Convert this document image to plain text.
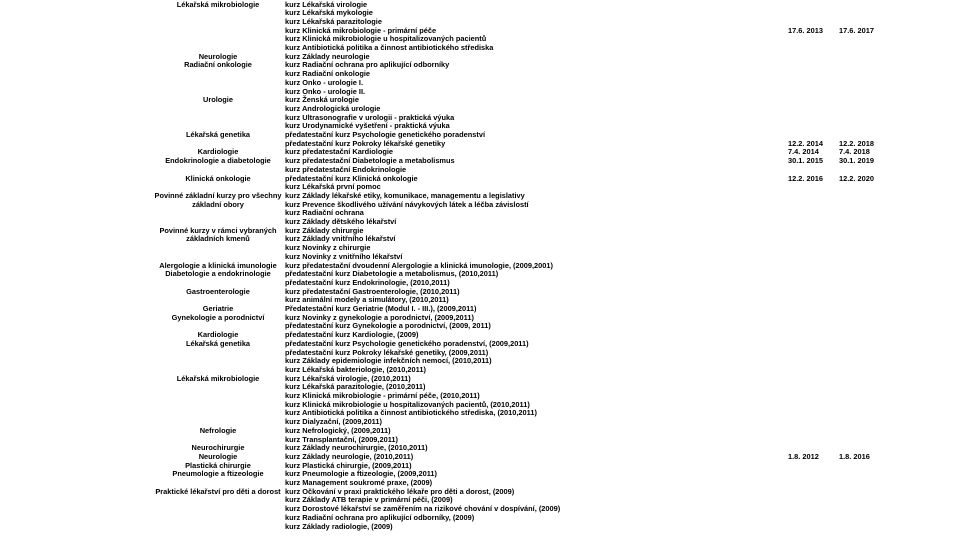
Lékařská mikrobiologie	kurz Lékařská virologie
kurz Lékařská mykologie
kurz Lékařská parazitologie
kurz Klinická mikrobiologie - primární péče	17.6. 2013 17.6. 2017
kurz Klinická mikrobiologie u hospitalizovaných pacientů
kurz Antibiotická politika a činnost antibiotického střediska
Neurologie	kurz Základy neurologie
Radiační onkologie	kurz Radiační ochrana pro aplikující odborníky
kurz Radiační onkologie
kurz Onko - urologie I.
kurz Onko - urologie II.
Urologie	kurz Ženská urologie
kurz Andrologická urologie
kurz Ultrasonografie v urologii - praktická výuka
kurz Urodynamické vyšetření - praktická výuka
Lékařská genetika	předatestační kurz Psychologie genetického poradenství
předatestační kurz Pokroky lékařské genetiky	12.2. 2014 12.2. 2018
Kardiologie	kurz předatestační Kardiologie	7.4. 2014	7.4. 2018
Endokrinologie a diabetologie	kurz předatestační Diabetologie a metabolismus	30.1. 2015 30.1. 2019
kurz předatestační Endokrinologie
Klinická onkologie	předatestační kurz Klinická onkologie	12.2. 2016 12.2. 2020
kurz Lékařská první pomoc
Povinné základní kurzy pro všechny kurz Základy lékařské etiky, komunikace, managementu a legislativy
základní obory	kurz Prevence škodlivého užívání návykových látek a léčba závislostí
kurz Radiační ochrana
kurz Základy dětského lékařství
Povinné kurzy v rámci vybraných	kurz Základy chirurgie
základních kmenů	kurz Základy vnitřního lékařství
kurz Novinky z chirurgie
kurz Novinky z vnitřního lékařství
Alergologie a klinická imunologie	kurz předatestační dvoudenní Alergologie a klinická imunologie, (2009,2001)
Diabetologie a endokrinologie	předatestační kurz Diabetologie a metabolismus, (2010,2011)
předatestační kurz Endokrinologie, (2010,2011)
Gastroenterologie	kurz předatestační Gastroenterologie, (2010,2011)
kurz animální modely a simulátory, (2010,2011)
Geriatrie	Předatestační kurz Geriatrie (Modul I. - III.), (2009,2011)
Gynekologie a porodnictví	kurz Novinky z gynekologie a porodnictví, (2009,2011)
předatestační kurz Gynekologie a porodnictví, (2009, 2011)
Kardiologie	předatestační kurz Kardiologie, (2009)
Lékařská genetika	předatestační kurz Psychologie genetického poradenství, (2009,2011)
předatestační kurz Pokroky lékařské genetiky, (2009,2011)
kurz Základy epidemiologie infekčních nemocí, (2010,2011)
kurz Lékařská bakteriologie, (2010,2011)
Lékařská mikrobiologie	kurz Lékařská virologie, (2010,2011)
kurz Lékařská parazitologie, (2010,2011)
kurz Klinická mikrobiologie - primární péče, (2010,2011)
kurz Klinická mikrobiologie u hospitalizovaných pacientů, (2010,2011)
kurz Antibiotická politika a činnost antibiotického střediska, (2010,2011)
kurz Dialyzační, (2009,2011)
Nefrologie	kurz Nefrologický, (2009,2011)
kurz Transplantační, (2009,2011)
Neurochirurgie	kurz Základy neurochirurgie, (2010,2011)
Neurologie	kurz Základy neurologie, (2010,2011)	1.8. 2012	1.8. 2016
Plastická chirurgie	kurz Plastická chirurgie, (2009,2011)
Pneumologie a ftizeologie	kurz Pneumologie a ftizeologie, (2009,2011)
kurz Management soukromé praxe, (2009)
Praktické lékařství pro děti a dorost kurz Očkování v praxi praktického lékaře pro děti a dorost, (2009)
kurz Základy ATB terapie v primární péči, (2009)
kurz Dorostové lékařství se zaměřením na rizikové chování v dospívání, (2009)
kurz Radiační ochrana pro aplikující odborníky, (2009)
kurz Základy radiologie, (2009)
